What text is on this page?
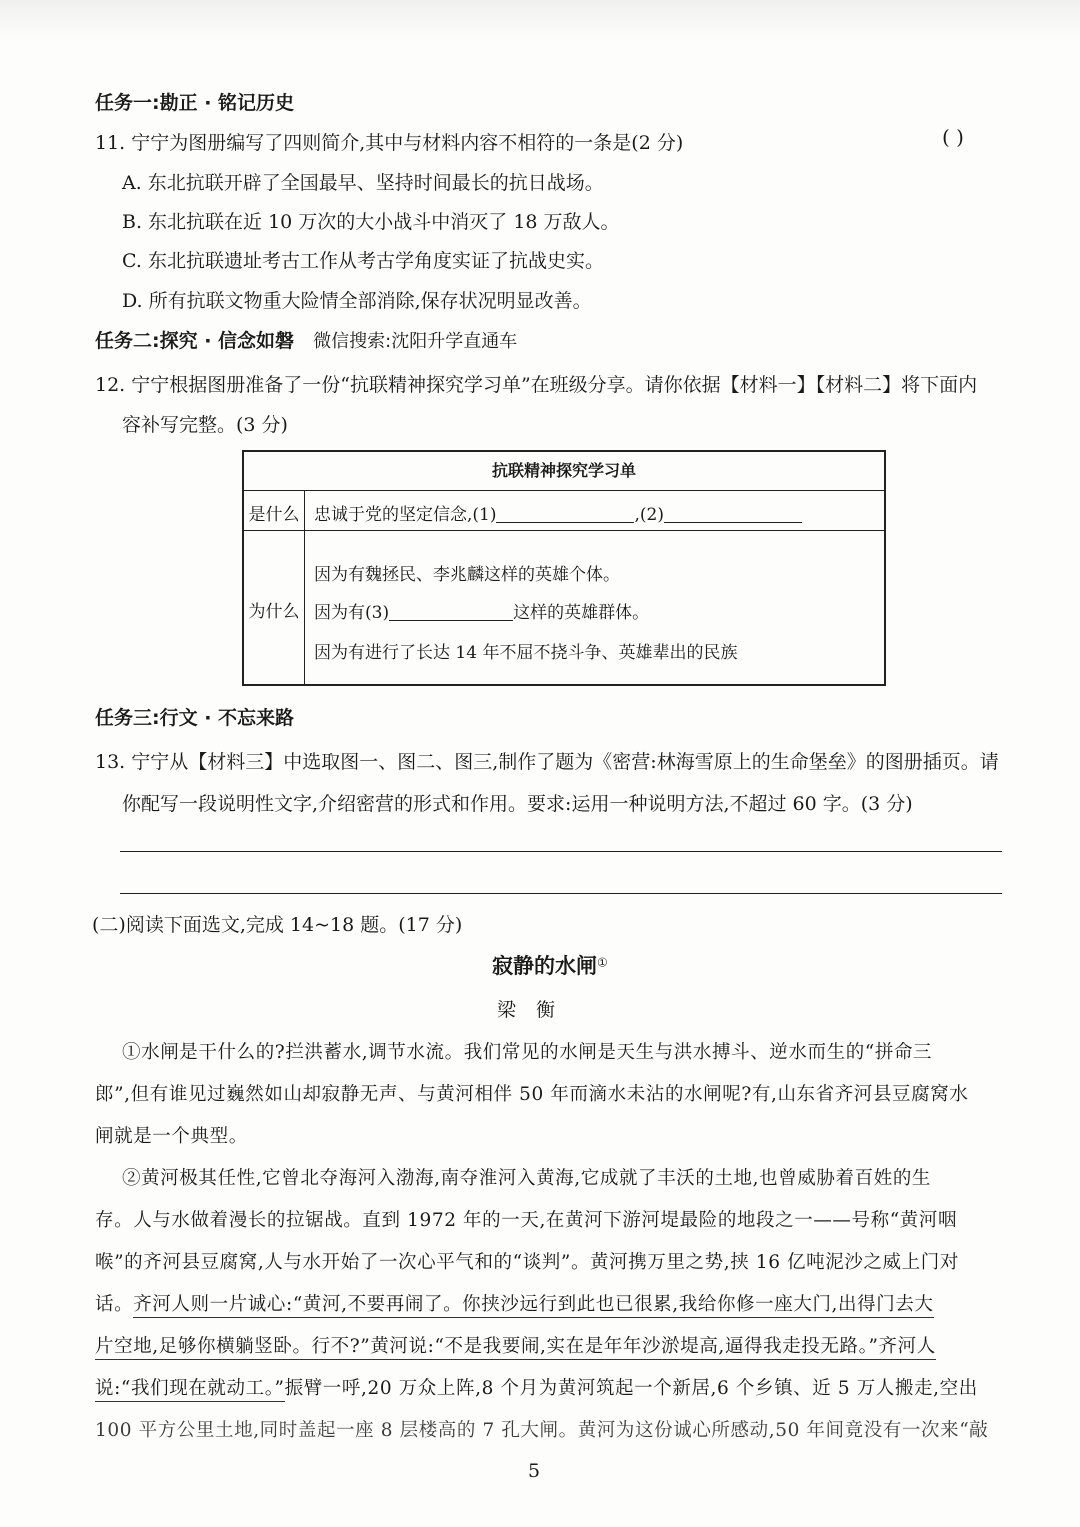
任务一:勘正 · 铭记历史
11. 宁宁为图册编写了四则简介,其中与材料内容不相符的一条是(2 分)	( )
A. 东北抗联开辟了全国最早、坚持时间最长的抗日战场。
B. 东北抗联在近 10 万次的大小战斗中消灭了 18 万敌人。
C. 东北抗联遗址考古工作从考古学角度实证了抗战史实。
D. 所有抗联文物重大险情全部消除,保存状况明显改善。
任务二:探究 · 信念如磐 微信搜索:沈阳升学直通车
12. 宁宁根据图册准备了一份“抗联精神探究学习单”在班级分享。请你依据【材料一】【材料二】将下面内
容补写完整。(3 分)
抗联精神探究学习单
是什么 忠诚于党的坚定信念,(1)	,(2)
为什么
因为有魏拯民、李兆麟这样的英雄个体。
因为有(3)	这样的英雄群体。
因为有进行了长达 14 年不屈不挠斗争、英雄辈出的民族
任务三:行文 · 不忘来路
13. 宁宁从【材料三】中选取图一、图二、图三,制作了题为《密营:林海雪原上的生命堡垒》的图册插页。请
你配写一段说明性文字,介绍密营的形式和作用。要求:运用一种说明方法,不超过 60 字。(3 分)
(二)阅读下面选文,完成 14~18 题。(17 分)
寂静的水闸①
梁衡
①水闸是干什么的?拦洪蓄水,调节水流。我们常见的水闸是天生与洪水搏斗、逆水而生的“拼命三
郎”,但有谁见过巍然如山却寂静无声、与黄河相伴 50 年而滴水未沾的水闸呢?有,山东省齐河县豆腐窝水
闸就是一个典型。
②黄河极其任性,它曾北夺海河入渤海,南夺淮河入黄海,它成就了丰沃的土地,也曾威胁着百姓的生
存。人与水做着漫长的拉锯战。直到 1972 年的一天,在黄河下游河堤最险的地段之一——号称“黄河咽
喉”的齐河县豆腐窝,人与水开始了一次心平气和的“谈判”。黄河携万里之势,挟 16 亿吨泥沙之威上门对
话。齐河人则一片诚心:“黄河,不要再闹了。你挟沙远行到此也已很累,我给你修一座大门,出得门去大
片空地,足够你横躺竖卧。行不?”黄河说:“不是我要闹,实在是年年沙淤堤高,逼得我走投无路。”齐河人
说:“我们现在就动工。”振臂一呼,20 万众上阵,8 个月为黄河筑起一个新居,6 个乡镇、近 5 万人搬走,空出
100 平方公里土地,同时盖起一座 8 层楼高的 7 孔大闸。黄河为这份诚心所感动,50 年间竟没有一次来“敲
5
